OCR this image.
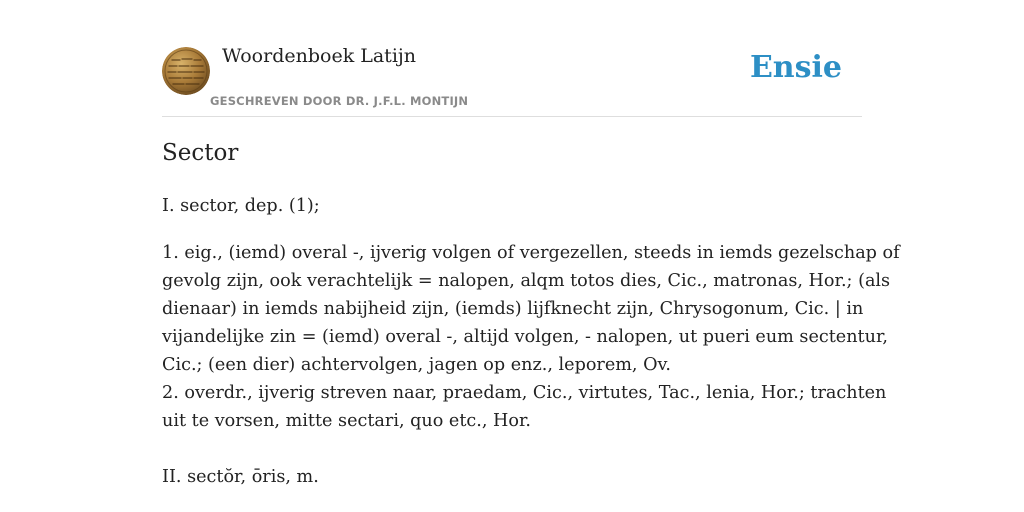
Woordenboek Latijn
GESCHREVEN DOOR DR. J.F.L. MONTIJN
Ensie
Sector

I. sector, dep. (1);

1. eig., (iemd) overal -, ijverig volgen of vergezellen, steeds in iemds gezelschap of
gevolg zijn, ook verachtelijk = nalopen, alqm totos dies, Cic., matronas, Hor.; (als
dienaar) in iemds nabijheid zijn, (iemds) lijfknecht zijn, Chrysogonum, Cic. | in
vijandelijke zin = (iemd) overal -, altijd volgen, - nalopen, ut pueri eum sectentur,
Cic.; (een dier) achtervolgen, jagen op enz., leporem, Ov.
2. overdr., ijverig streven naar, praedam, Cic., virtutes, Tac., lenia, Hor.; trachten
uit te vorsen, mitte sectari, quo etc., Hor.

II. sectŏr, ōris, m.
